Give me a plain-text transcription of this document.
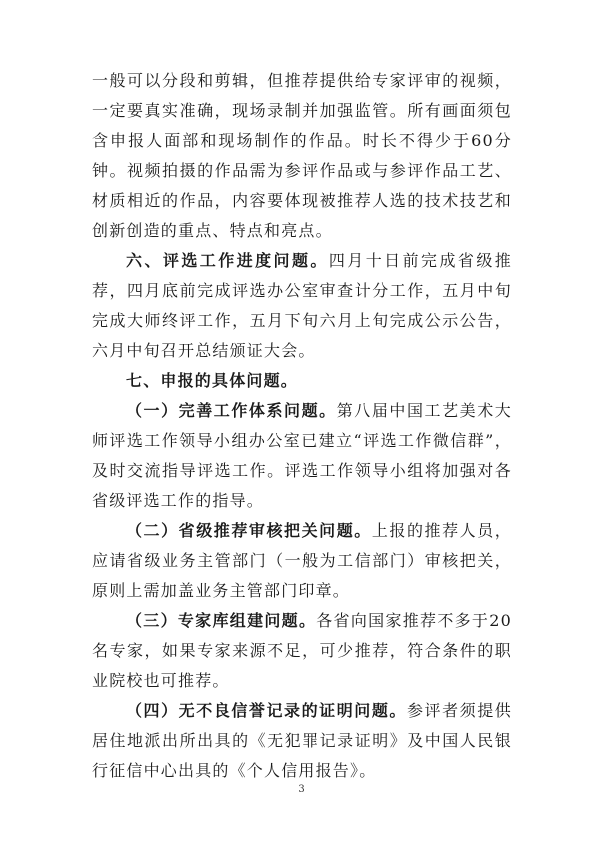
一般可以分段和剪辑，但推荐提供给专家评审的视频，一定要真实准确，现场录制并加强监管。所有画面须包含申报人面部和现场制作的作品。时长不得少于60分钟。视频拍摄的作品需为参评作品或与参评作品工艺、材质相近的作品，内容要体现被推荐人选的技术技艺和创新创造的重点、特点和亮点。

六、评选工作进度问题。四月十日前完成省级推荐，四月底前完成评选办公室审查计分工作，五月中旬完成大师终评工作，五月下旬六月上旬完成公示公告，六月中旬召开总结颁证大会。

七、申报的具体问题。

（一）完善工作体系问题。第八届中国工艺美术大师评选工作领导小组办公室已建立“评选工作微信群”，及时交流指导评选工作。评选工作领导小组将加强对各省级评选工作的指导。

（二）省级推荐审核把关问题。上报的推荐人员，应请省级业务主管部门（一般为工信部门）审核把关，原则上需加盖业务主管部门印章。

（三）专家库组建问题。各省向国家推荐不多于20名专家，如果专家来源不足，可少推荐，符合条件的职业院校也可推荐。

（四）无不良信誉记录的证明问题。参评者须提供居住地派出所出具的《无犯罪记录证明》及中国人民银行征信中心出具的《个人信用报告》。

3
